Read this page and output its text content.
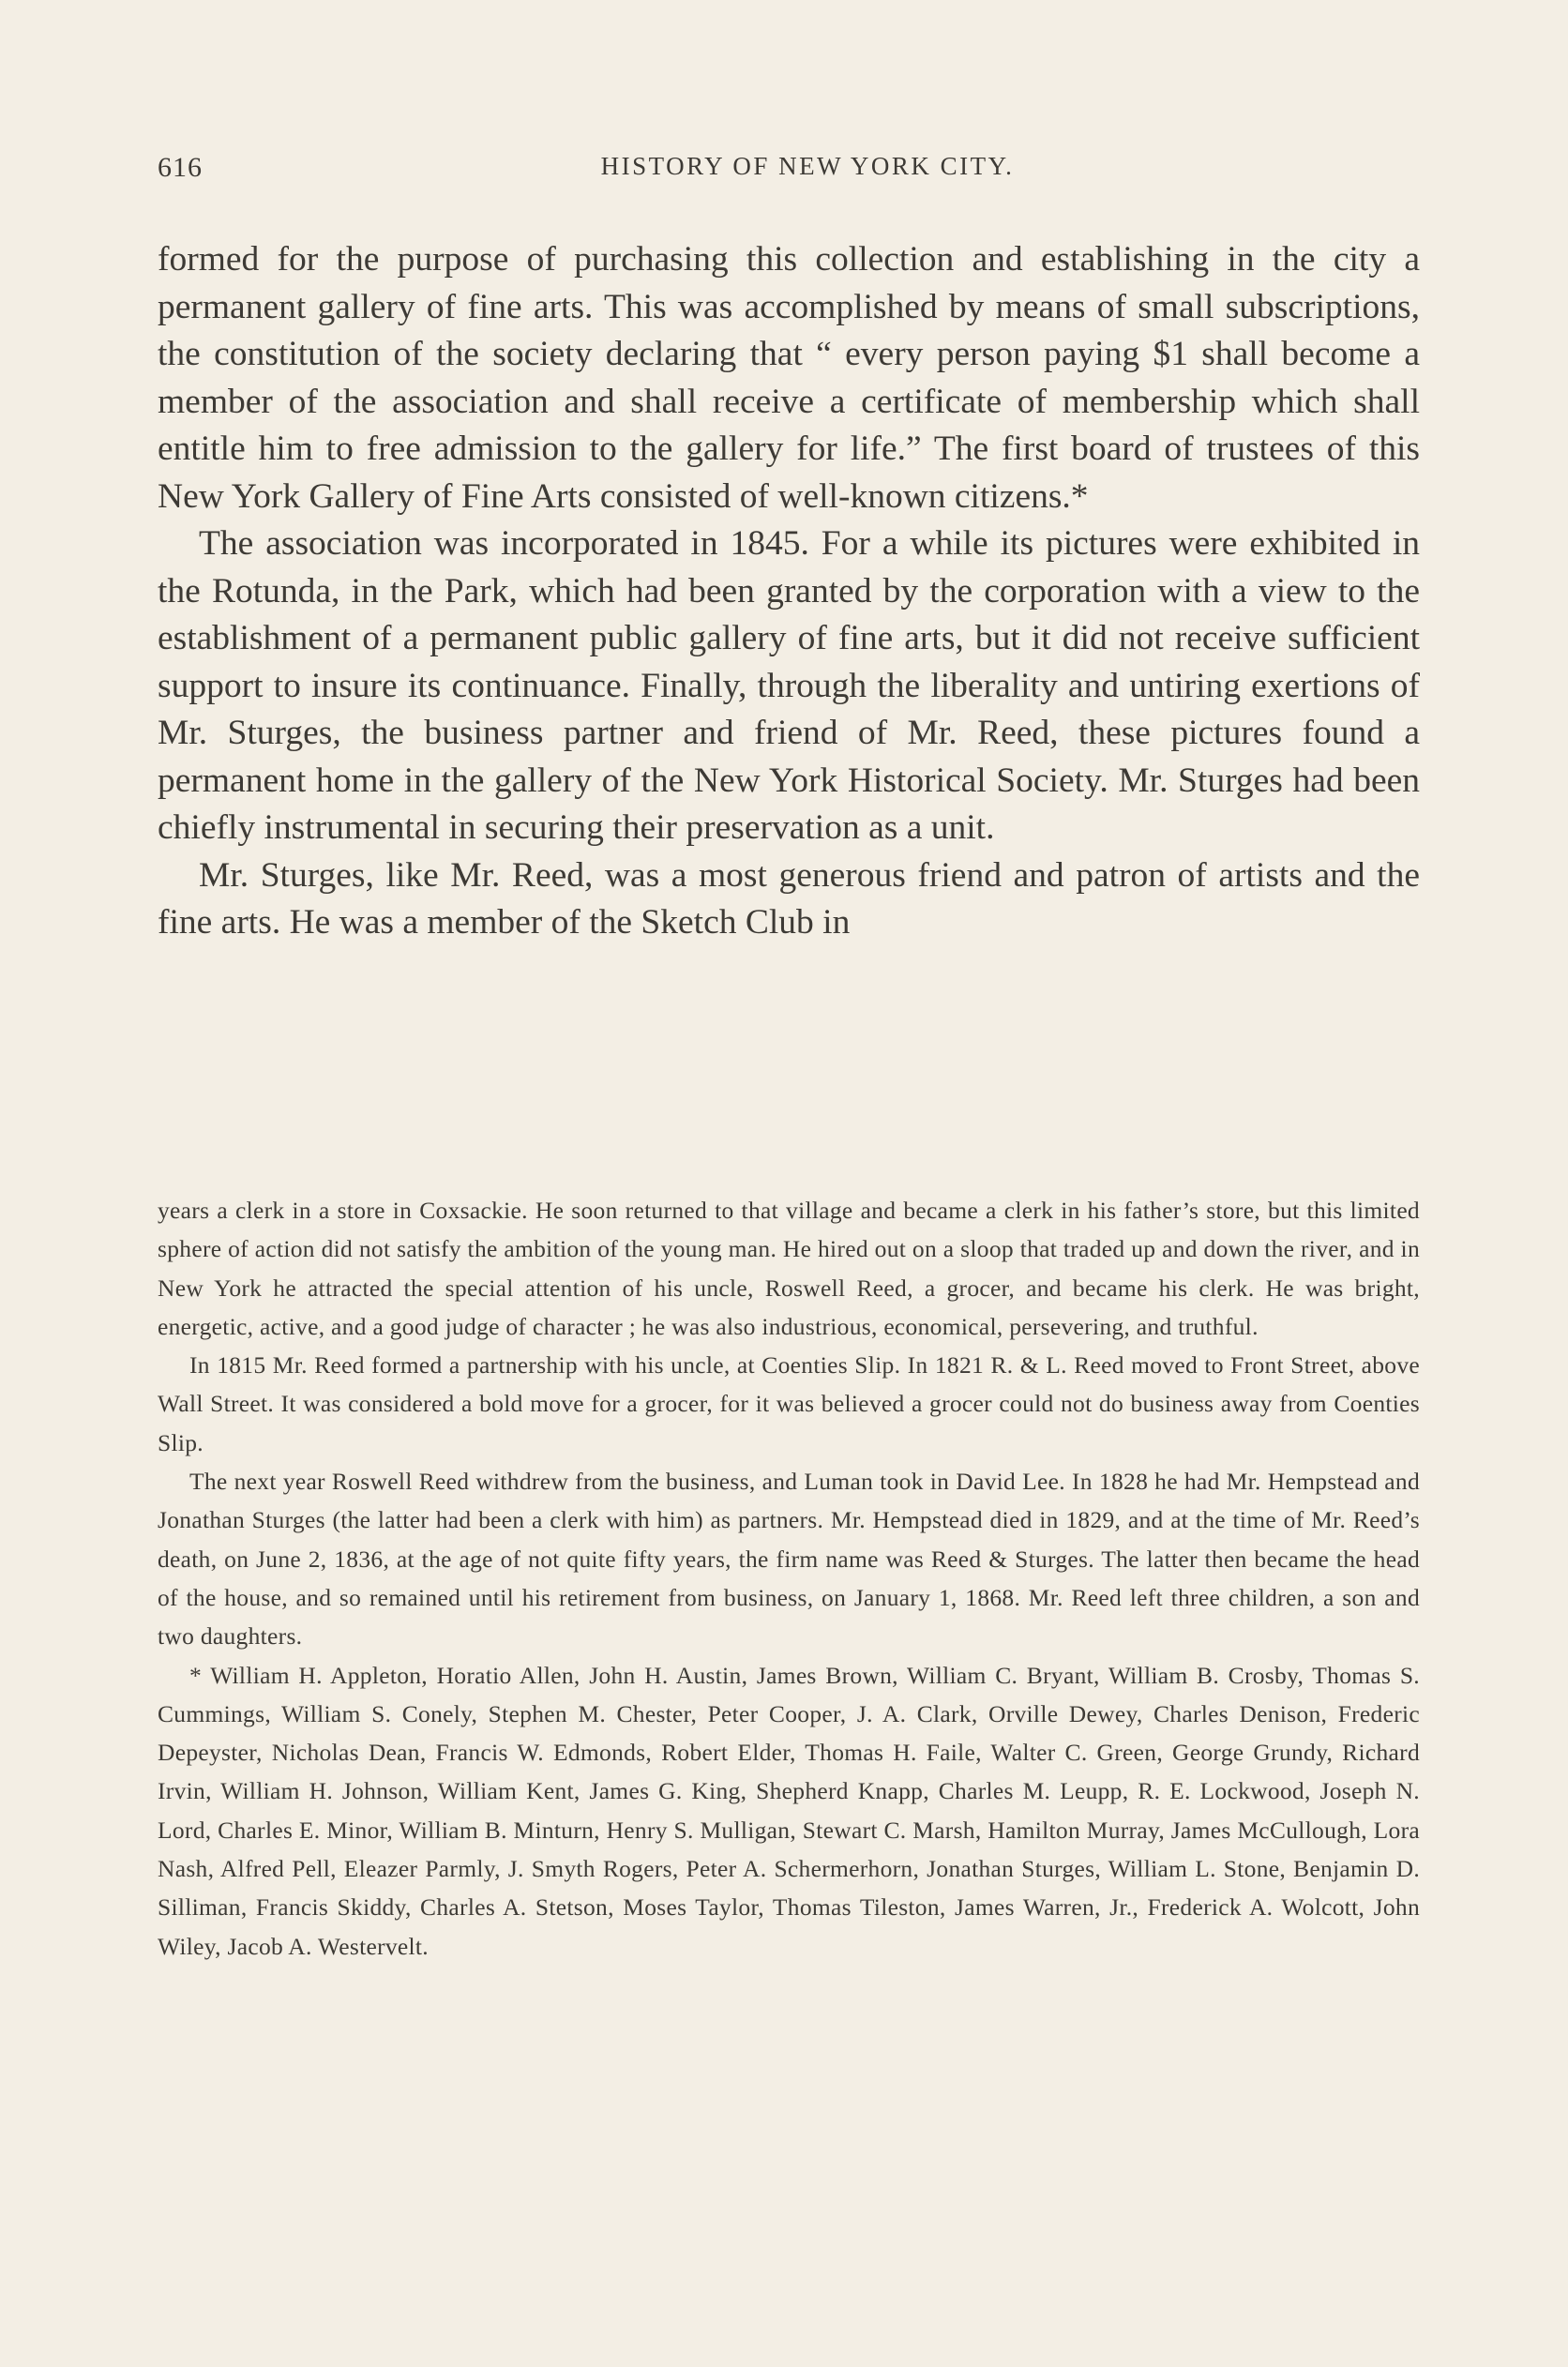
616	HISTORY OF NEW YORK CITY.

formed for the purpose of purchasing this collection and establishing in the city a permanent gallery of fine arts. This was accomplished by means of small subscriptions, the constitution of the society declaring that “ every person paying $1 shall become a member of the association and shall receive a certificate of membership which shall entitle him to free admission to the gallery for life.” The first board of trustees of this New York Gallery of Fine Arts consisted of well-known citizens.*

The association was incorporated in 1845. For a while its pictures were exhibited in the Rotunda, in the Park, which had been granted by the corporation with a view to the establishment of a permanent public gallery of fine arts, but it did not receive sufficient support to insure its continuance. Finally, through the liberality and untiring exertions of Mr. Sturges, the business partner and friend of Mr. Reed, these pictures found a permanent home in the gallery of the New York Historical Society. Mr. Sturges had been chiefly instrumental in securing their preservation as a unit.

Mr. Sturges, like Mr. Reed, was a most generous friend and patron of artists and the fine arts. He was a member of the Sketch Club in

years a clerk in a store in Coxsackie. He soon returned to that village and became a clerk in his father’s store, but this limited sphere of action did not satisfy the ambition of the young man. He hired out on a sloop that traded up and down the river, and in New York he attracted the special attention of his uncle, Roswell Reed, a grocer, and became his clerk. He was bright, energetic, active, and a good judge of character ; he was also industrious, economical, persevering, and truthful.

In 1815 Mr. Reed formed a partnership with his uncle, at Coenties Slip. In 1821 R. & L. Reed moved to Front Street, above Wall Street. It was considered a bold move for a grocer, for it was believed a grocer could not do business away from Coenties Slip.

The next year Roswell Reed withdrew from the business, and Luman took in David Lee. In 1828 he had Mr. Hempstead and Jonathan Sturges (the latter had been a clerk with him) as partners. Mr. Hempstead died in 1829, and at the time of Mr. Reed’s death, on June 2, 1836, at the age of not quite fifty years, the firm name was Reed & Sturges. The latter then became the head of the house, and so remained until his retirement from business, on January 1, 1868. Mr. Reed left three children, a son and two daughters.

* William H. Appleton, Horatio Allen, John H. Austin, James Brown, William C. Bryant, William B. Crosby, Thomas S. Cummings, William S. Conely, Stephen M. Chester, Peter Cooper, J. A. Clark, Orville Dewey, Charles Denison, Frederic Depeyster, Nicholas Dean, Francis W. Edmonds, Robert Elder, Thomas H. Faile, Walter C. Green, George Grundy, Richard Irvin, William H. Johnson, William Kent, James G. King, Shepherd Knapp, Charles M. Leupp, R. E. Lockwood, Joseph N. Lord, Charles E. Minor, William B. Minturn, Henry S. Mulligan, Stewart C. Marsh, Hamilton Murray, James McCullough, Lora Nash, Alfred Pell, Eleazer Parmly, J. Smyth Rogers, Peter A. Schermerhorn, Jonathan Sturges, William L. Stone, Benjamin D. Silliman, Francis Skiddy, Charles A. Stetson, Moses Taylor, Thomas Tileston, James Warren, Jr., Frederick A. Wolcott, John Wiley, Jacob A. Westervelt.
